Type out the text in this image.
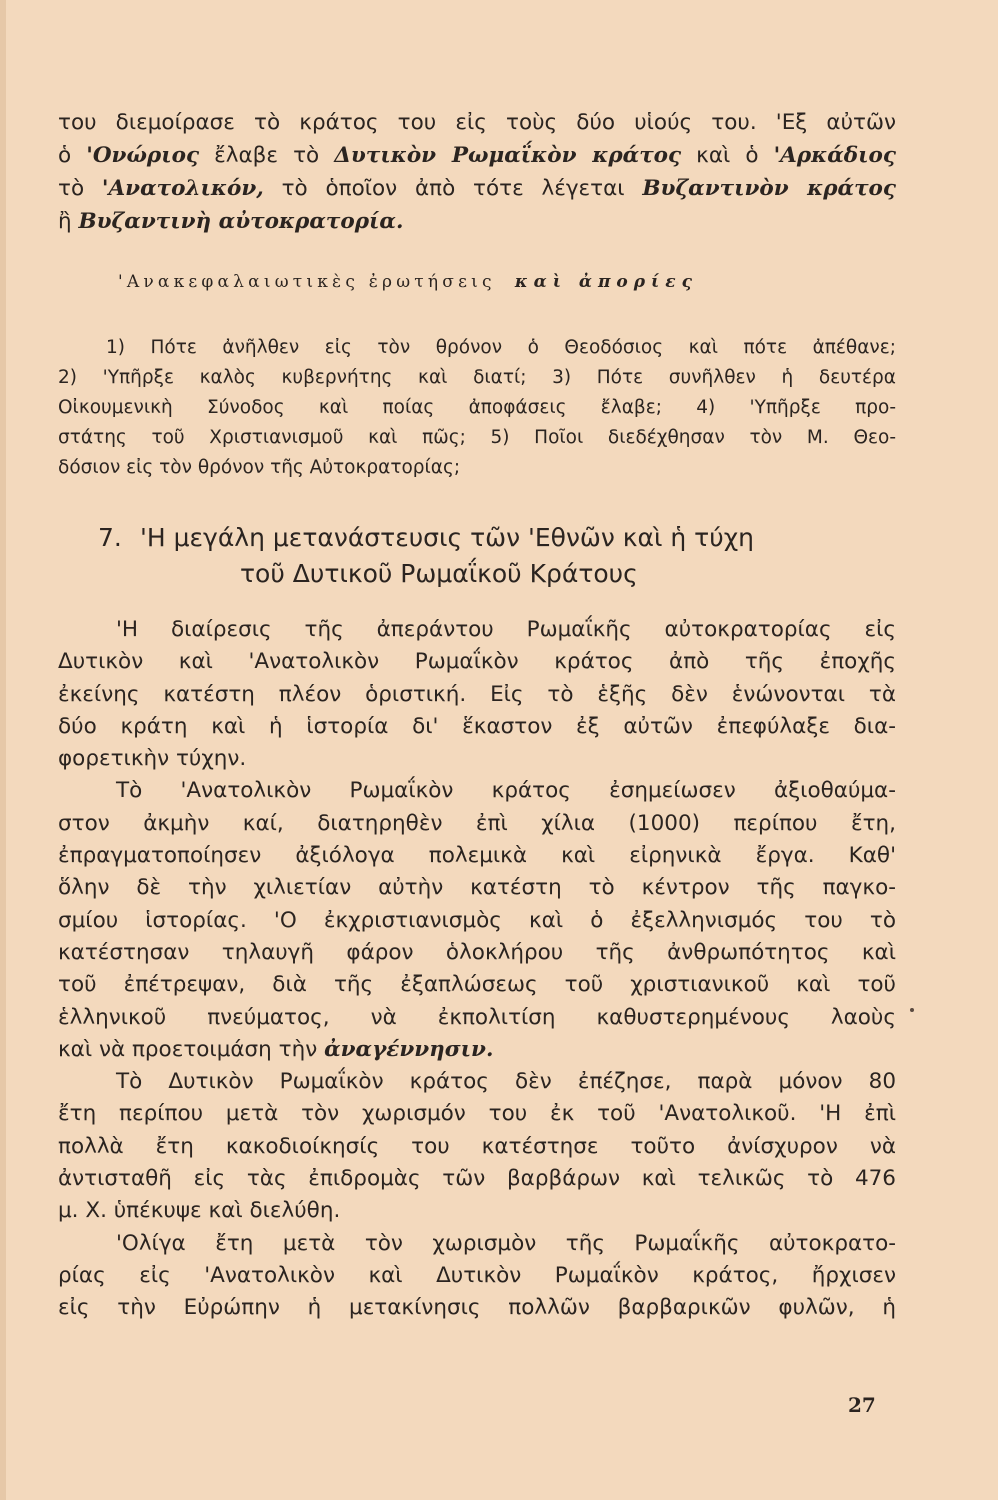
του διεμοίρασε τὸ κράτος του εἰς τοὺς δύο υἱούς του. 'Εξ αὐτῶν
ὁ 'Ονώριος ἔλαβε τὸ Δυτικὸν Ρωμαΐκὸν κράτος καὶ ὁ 'Αρκάδιος
τὸ 'Ανατολικόν, τὸ ὁποῖον ἀπὸ τότε λέγεται Βυζαντινὸν κράτος
ἢ Βυζαντινὴ αὐτοκρατορία.
'Ανακεφαλαιωτικὲς ἐρωτήσεις καὶ ἀπορίες
1) Πότε ἀνῆλθεν εἰς τὸν θρόνον ὁ Θεοδόσιος καὶ πότε ἀπέθανε;
2) 'Υπῆρξε καλὸς κυβερνήτης καὶ διατί; 3) Πότε συνῆλθεν ἡ δευτέρα
Οἰκουμενικὴ Σύνοδος καὶ ποίας ἀποφάσεις ἔλαβε; 4) 'Υπῆρξε προ-
στάτης τοῦ Χριστιανισμοῦ καὶ πῶς; 5) Ποῖοι διεδέχθησαν τὸν Μ. Θεο-
δόσιον εἰς τὸν θρόνον τῆς Αὐτοκρατορίας;
7. 'Η μεγάλη μετανάστευσις τῶν 'Εθνῶν καὶ ἡ τύχη
τοῦ Δυτικοῦ Ρωμαΐκοῦ Κράτους
'Η διαίρεσις τῆς ἀπεράντου Ρωμαΐκῆς αὐτοκρατορίας εἰς
Δυτικὸν καὶ 'Ανατολικὸν Ρωμαΐκὸν κράτος ἀπὸ τῆς ἐποχῆς
ἐκείνης κατέστη πλέον ὁριστική. Εἰς τὸ ἑξῆς δὲν ἑνώνονται τὰ
δύο κράτη καὶ ἡ ἱστορία δι' ἕκαστον ἐξ αὐτῶν ἐπεφύλαξε δια-
φορετικὴν τύχην.
Τὸ 'Ανατολικὸν Ρωμαΐκὸν κράτος ἐσημείωσεν ἀξιοθαύμα-
στον ἀκμὴν καί, διατηρηθὲν ἐπὶ χίλια (1000) περίπου ἔτη,
ἐπραγματοποίησεν ἀξιόλογα πολεμικὰ καὶ εἰρηνικὰ ἔργα. Καθ'
ὅλην δὲ τὴν χιλιετίαν αὐτὴν κατέστη τὸ κέντρον τῆς παγκο-
σμίου ἱστορίας. 'Ο ἐκχριστιανισμὸς καὶ ὁ ἐξελληνισμός του τὸ
κατέστησαν τηλαυγῆ φάρον ὁλοκλήρου τῆς ἀνθρωπότητος καὶ
τοῦ ἐπέτρεψαν, διὰ τῆς ἐξαπλώσεως τοῦ χριστιανικοῦ καὶ τοῦ
ἑλληνικοῦ πνεύματος, νὰ ἐκπολιτίση καθυστερημένους λαοὺς
καὶ νὰ προετοιμάση τὴν ἀναγέννησιν.
Τὸ Δυτικὸν Ρωμαΐκὸν κράτος δὲν ἐπέζησε, παρὰ μόνον 80
ἔτη περίπου μετὰ τὸν χωρισμόν του ἐκ τοῦ 'Ανατολικοῦ. 'Η ἐπὶ
πολλὰ ἔτη κακοδιοίκησίς του κατέστησε τοῦτο ἀνίσχυρον νὰ
ἀντισταθῆ εἰς τὰς ἐπιδρομὰς τῶν βαρβάρων καὶ τελικῶς τὸ 476
μ. Χ. ὑπέκυψε καὶ διελύθη.
'Ολίγα ἔτη μετὰ τὸν χωρισμὸν τῆς Ρωμαΐκῆς αὐτοκρατο-
ρίας εἰς 'Ανατολικὸν καὶ Δυτικὸν Ρωμαΐκὸν κράτος, ἤρχισεν
εἰς τὴν Εὐρώπην ἡ μετακίνησις πολλῶν βαρβαρικῶν φυλῶν, ἡ
27
